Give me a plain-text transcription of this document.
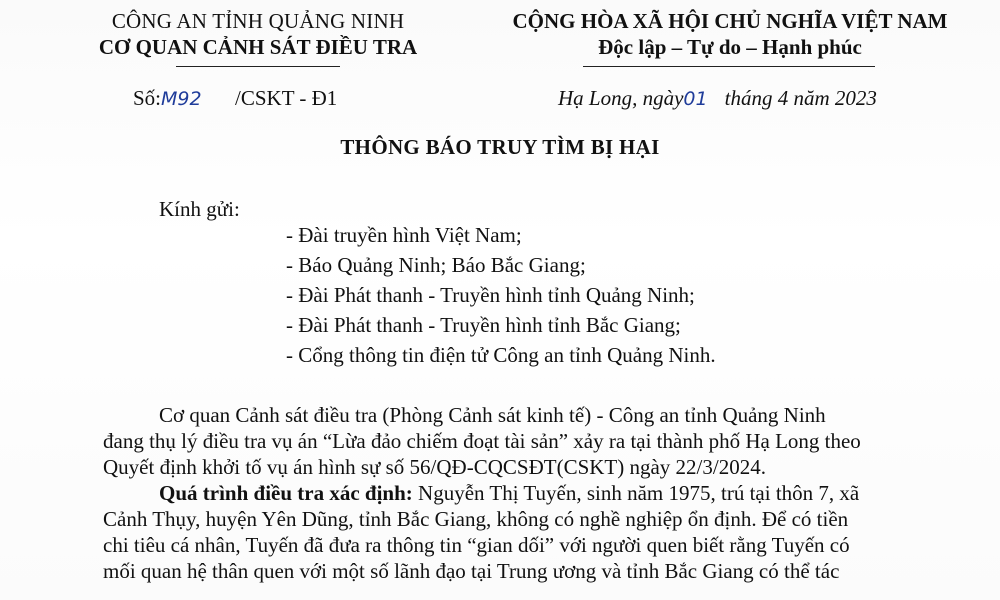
CÔNG AN TỈNH QUẢNG NINH
CƠ QUAN CẢNH SÁT ĐIỀU TRA
CỘNG HÒA XÃ HỘI CHỦ NGHĨA VIỆT NAM
Độc lập – Tự do – Hạnh phúc
Số:M92 /CSKT - Đ1	Hạ Long, ngày01 tháng 4 năm 2023
THÔNG BÁO TRUY TÌM BỊ HẠI
Kính gửi:
- Đài truyền hình Việt Nam;
- Báo Quảng Ninh; Báo Bắc Giang;
- Đài Phát thanh - Truyền hình tỉnh Quảng Ninh;
- Đài Phát thanh - Truyền hình tỉnh Bắc Giang;
- Cổng thông tin điện tử Công an tỉnh Quảng Ninh.

Cơ quan Cảnh sát điều tra (Phòng Cảnh sát kinh tế) - Công an tỉnh Quảng Ninh
đang thụ lý điều tra vụ án “Lừa đảo chiếm đoạt tài sản” xảy ra tại thành phố Hạ Long theo
Quyết định khởi tố vụ án hình sự số 56/QĐ-CQCSĐT(CSKT) ngày 22/3/2024.

Quá trình điều tra xác định: Nguyễn Thị Tuyến, sinh năm 1975, trú tại thôn 7, xã
Cảnh Thụy, huyện Yên Dũng, tỉnh Bắc Giang, không có nghề nghiệp ổn định. Để có tiền
chi tiêu cá nhân, Tuyến đã đưa ra thông tin “gian dối” với người quen biết rằng Tuyến có
mối quan hệ thân quen với một số lãnh đạo tại Trung ương và tỉnh Bắc Giang có thể tác
